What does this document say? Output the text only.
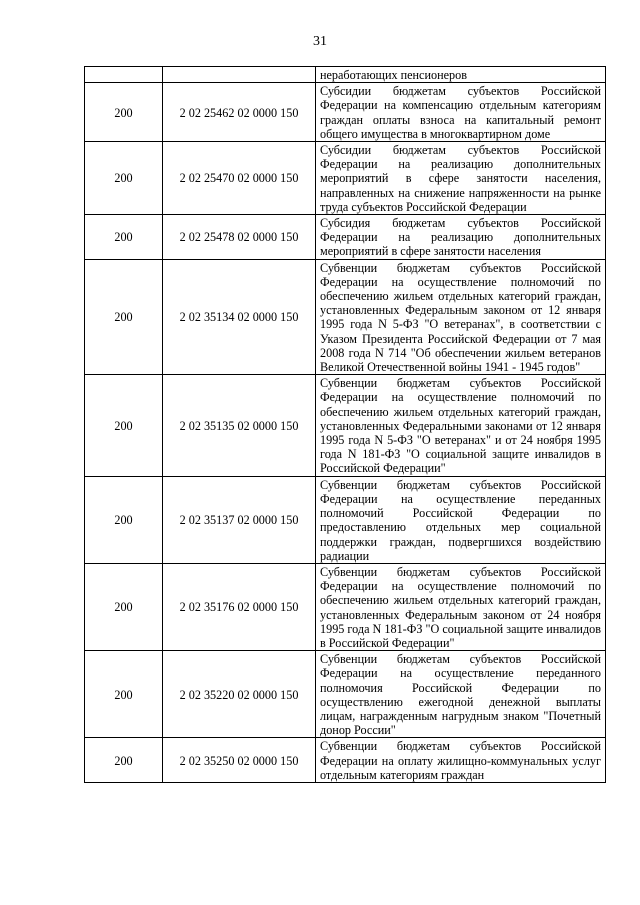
31
		неработающих пенсионеров
200	2 02 25462 02 0000 150	Субсидии бюджетам субъектов Российской Федерации на компенсацию отдельным категориям граждан оплаты взноса на капитальный ремонт общего имущества в многоквартирном доме
200	2 02 25470 02 0000 150	Субсидии бюджетам субъектов Российской Федерации на реализацию дополнительных мероприятий в сфере занятости населения, направленных на снижение напряженности на рынке труда субъектов Российской Федерации
200	2 02 25478 02 0000 150	Субсидия бюджетам субъектов Российской Федерации на реализацию дополнительных мероприятий в сфере занятости населения
200	2 02 35134 02 0000 150	Субвенции бюджетам субъектов Российской Федерации на осуществление полномочий по обеспечению жильем отдельных категорий граждан, установленных Федеральным законом от 12 января 1995 года N 5-ФЗ "О ветеранах", в соответствии с Указом Президента Российской Федерации от 7 мая 2008 года N 714 "Об обеспечении жильем ветеранов Великой Отечественной войны 1941 - 1945 годов"
200	2 02 35135 02 0000 150	Субвенции бюджетам субъектов Российской Федерации на осуществление полномочий по обеспечению жильем отдельных категорий граждан, установленных Федеральными законами от 12 января 1995 года N 5-ФЗ "О ветеранах" и от 24 ноября 1995 года N 181-ФЗ "О социальной защите инвалидов в Российской Федерации"
200	2 02 35137 02 0000 150	Субвенции бюджетам субъектов Российской Федерации на осуществление переданных полномочий Российской Федерации по предоставлению отдельных мер социальной поддержки граждан, подвергшихся воздействию радиации
200	2 02 35176 02 0000 150	Субвенции бюджетам субъектов Российской Федерации на осуществление полномочий по обеспечению жильем отдельных категорий граждан, установленных Федеральным законом от 24 ноября 1995 года N 181-ФЗ "О социальной защите инвалидов в Российской Федерации"
200	2 02 35220 02 0000 150	Субвенции бюджетам субъектов Российской Федерации на осуществление переданного полномочия Российской Федерации по осуществлению ежегодной денежной выплаты лицам, награжденным нагрудным знаком "Почетный донор России"
200	2 02 35250 02 0000 150	Субвенции бюджетам субъектов Российской Федерации на оплату жилищно-коммунальных услуг отдельным категориям граждан
